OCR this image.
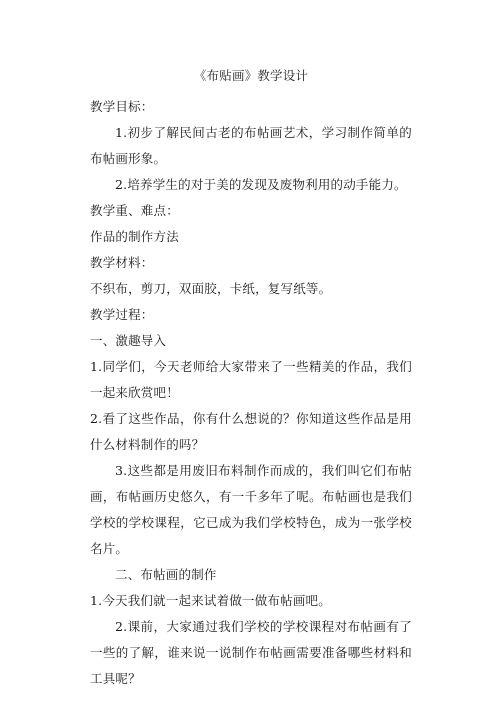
《布贴画》教学设计

教学目标：

1.初步了解民间古老的布帖画艺术，学习制作简单的布帖画形象。

2.培养学生的对于美的发现及废物利用的动手能力。

教学重、难点：

作品的制作方法

教学材料：

不织布，剪刀，双面胶，卡纸，复写纸等。

教学过程：

一、激趣导入

1.同学们，今天老师给大家带来了一些精美的作品，我们一起来欣赏吧！

2.看了这些作品，你有什么想说的？你知道这些作品是用什么材料制作的吗？

3.这些都是用废旧布料制作而成的，我们叫它们布帖画，布帖画历史悠久，有一千多年了呢。布帖画也是我们学校的学校课程，它已成为我们学校特色，成为一张学校名片。

二、布帖画的制作

1.今天我们就一起来试着做一做布帖画吧。

2.课前，大家通过我们学校的学校课程对布帖画有了一些的了解，谁来说一说制作布帖画需要准备哪些材料和工具呢？
